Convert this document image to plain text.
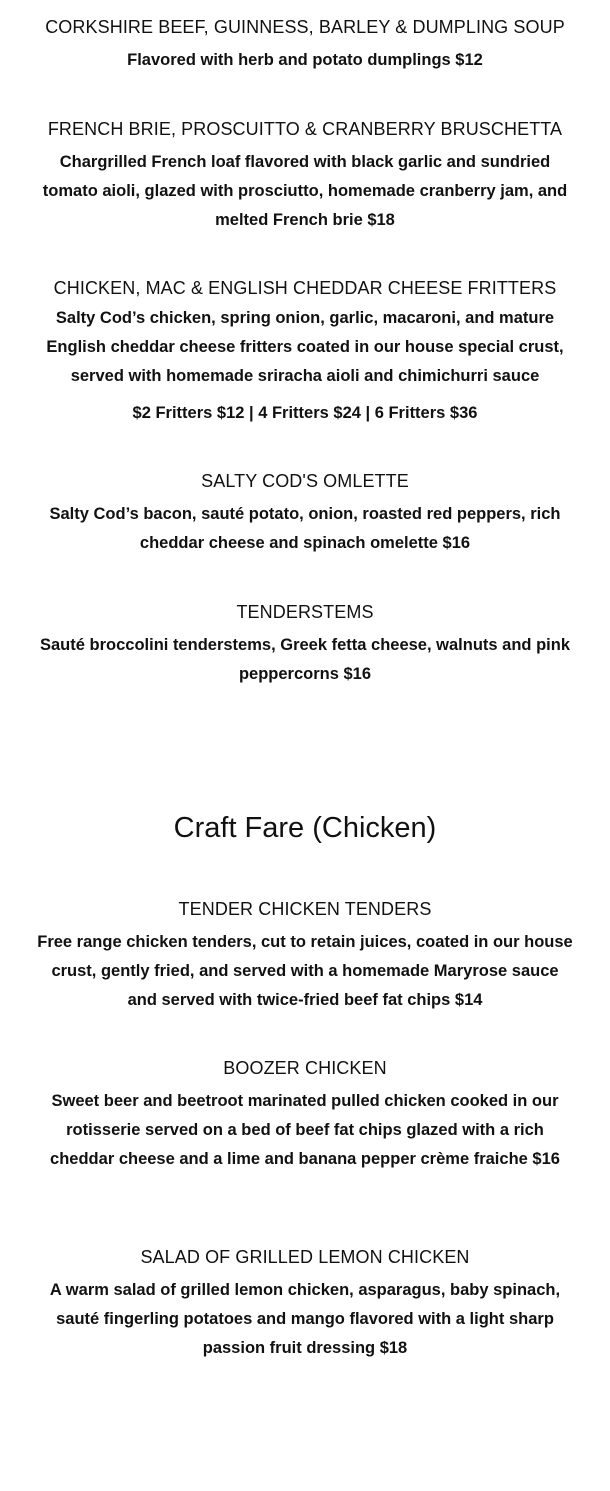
CORKSHIRE BEEF, GUINNESS, BARLEY & DUMPLING SOUP
Flavored with herb and potato dumplings $12
FRENCH BRIE, PROSCUITTO & CRANBERRY BRUSCHETTA
Chargrilled French loaf flavored with black garlic and sundried tomato aioli, glazed with prosciutto, homemade cranberry jam, and melted French brie $18
CHICKEN, MAC & ENGLISH CHEDDAR CHEESE FRITTERS
Salty Cod’s chicken, spring onion, garlic, macaroni, and mature English cheddar cheese fritters coated in our house special crust, served with homemade sriracha aioli and chimichurri sauce
$2 Fritters $12 | 4 Fritters $24 | 6 Fritters $36
SALTY COD'S OMLETTE
Salty Cod’s bacon, sauté potato, onion, roasted red peppers, rich cheddar cheese and spinach omelette $16
TENDERSTEMS
Sauté broccolini tenderstems, Greek fetta cheese, walnuts and pink peppercorns $16
Craft Fare (Chicken)
TENDER CHICKEN TENDERS
Free range chicken tenders, cut to retain juices, coated in our house crust, gently fried, and served with a homemade Maryrose sauce and served with twice-fried beef fat chips $14
BOOZER CHICKEN
Sweet beer and beetroot marinated pulled chicken cooked in our rotisserie served on a bed of beef fat chips glazed with a rich cheddar cheese and a lime and banana pepper crème fraiche $16
SALAD OF GRILLED LEMON CHICKEN
A warm salad of grilled lemon chicken, asparagus, baby spinach, sauté fingerling potatoes and mango flavored with a light sharp passion fruit dressing $18
